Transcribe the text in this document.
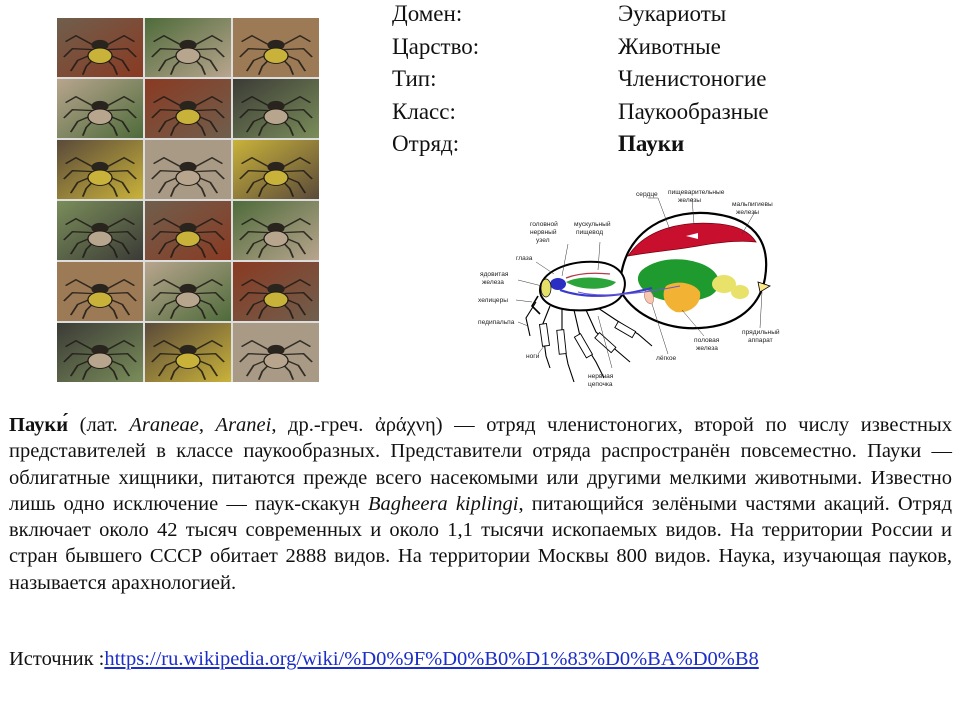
Домен:	Эукариоты
Царство:	Животные
Тип:	Членистоногие
Класс:	Паукообразные
Отряд:	Пауки
сердце пищеварительные
железы
мальпигиевы
железы
головной
нервный
узел
мускульный
пищевод
глаза
ядовитая
железа
хелицеры
педипальпа
ноги
нервная
цепочка
лёгкое
половая
железа
прядильный
аппарат

Пауки́ (лат. Araneae, Aranei, др.-греч. ἀράχνη) — отряд членистоногих, второй по числу известных представителей в классе паукообразных. Представители отряда распространён повсеместно. Пауки — облигатные хищники, питаются прежде всего насекомыми или другими мелкими животными. Известно лишь одно исключение — паук-скакун Bagheera kiplingi, питающийся зелёными частями акаций. Отряд включает около 42 тысяч современных и около 1,1 тысячи ископаемых видов. На территории России и стран бывшего СССР обитает 2888 видов. На территории Москвы 800 видов. Наука, изучающая пауков, называется арахнологией.

Источник :https://ru.wikipedia.org/wiki/%D0%9F%D0%B0%D1%83%D0%BA%D0%B8
